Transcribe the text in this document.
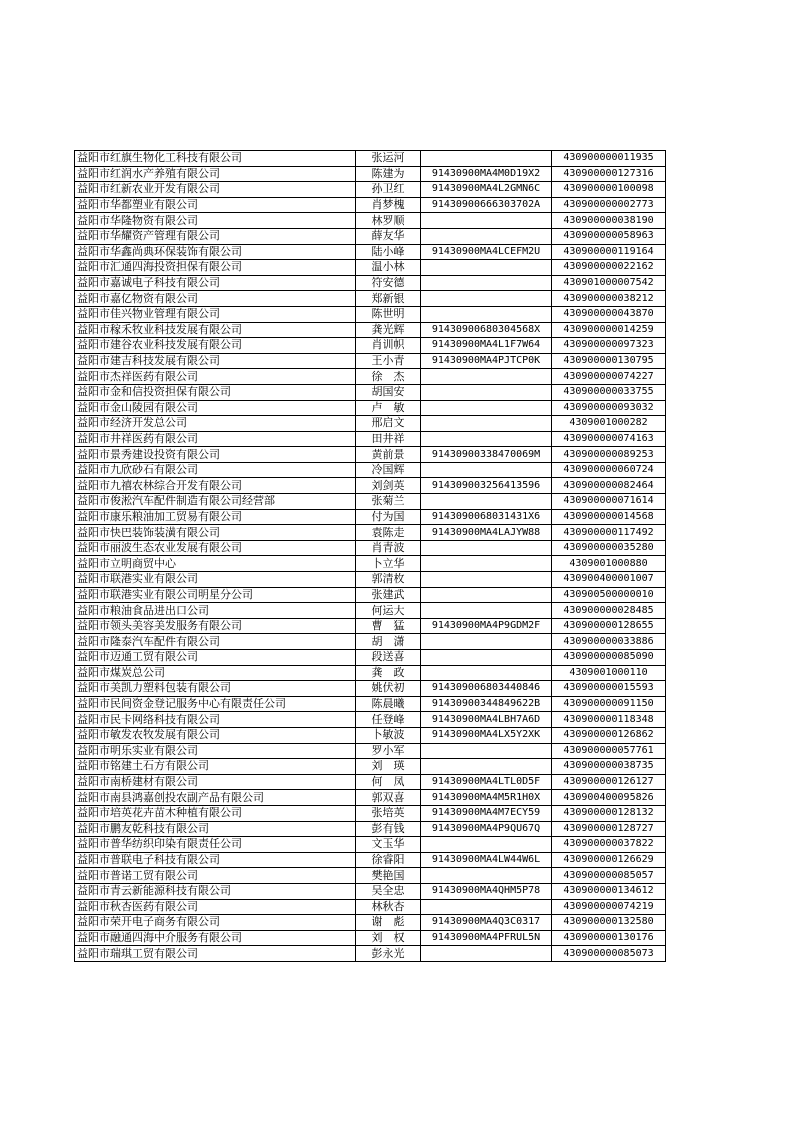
益阳市红旗生物化工科技有限公司	张运河		430900000011935
益阳市红润水产养殖有限公司	陈建为	91430900MA4M0D19X2	430900000127316
益阳市红新农业开发有限公司	孙卫红	91430900MA4L2GMN6C	430900000100098
益阳市华都塑业有限公司	肖梦槐	91430900666303702A	430900000002773
益阳市华隆物资有限公司	林罗顺		430900000038190
益阳市华耀资产管理有限公司	薛友华		430900000058963
益阳市华鑫尚典环保装饰有限公司	陆小峰	91430900MA4LCEFM2U	430900000119164
益阳市汇通四海投资担保有限公司	温小林		430900000022162
益阳市嘉诚电子科技有限公司	符安德		430901000007542
益阳市嘉亿物资有限公司	郑新银		430900000038212
益阳市佳兴物业管理有限公司	陈世明		430900000043870
益阳市稼禾牧业科技发展有限公司	龚光辉	91430900680304568X	430900000014259
益阳市建谷农业科技发展有限公司	肖训帜	91430900MA4L1F7W64	430900000097323
益阳市建吉科技发展有限公司	王小青	91430900MA4PJTCP0K	430900000130795
益阳市杰祥医药有限公司	徐　杰		430900000074227
益阳市金和信投资担保有限公司	胡国安		430900000033755
益阳市金山陵园有限公司	卢　敏		430900000093032
益阳市经济开发总公司	邢启文		4309001000282
益阳市井祥医药有限公司	田井祥		430900000074163
益阳市景秀建设投资有限公司	黄前景	91430900338470069M	430900000089253
益阳市九欣砂石有限公司	冷国辉		430900000060724
益阳市九禧农林综合开发有限公司	刘剑英	914309003256413596	430900000082464
益阳市俊淞汽车配件制造有限公司经营部	张菊兰		430900000071614
益阳市康乐粮油加工贸易有限公司	付为国	9143090068031431X6	430900000014568
益阳市快巴装饰装潢有限公司	袁陈走	91430900MA4LAJYW88	430900000117492
益阳市丽波生态农业发展有限公司	肖青波		430900000035280
益阳市立明商贸中心	卜立华		4309001000880
益阳市联港实业有限公司	郭清枚		430900400001007
益阳市联港实业有限公司明星分公司	张建武		430900500000010
益阳市粮油食品进出口公司	何运大		430900000028485
益阳市领头美容美发服务有限公司	曹　猛	91430900MA4P9GDM2F	430900000128655
益阳市隆泰汽车配件有限公司	胡　潇		430900000033886
益阳市迈通工贸有限公司	段送喜		430900000085090
益阳市煤炭总公司	龚　政		4309001000110
益阳市美凯力塑料包装有限公司	姚伏初	914309006803440846	430900000015593
益阳市民间资金登记服务中心有限责任公司	陈晨曦	91430900344849622B	430900000091150
益阳市民卡网络科技有限公司	任登峰	91430900MA4LBH7A6D	430900000118348
益阳市敏发农牧发展有限公司	卜敏波	91430900MA4LX5Y2XK	430900000126862
益阳市明乐实业有限公司	罗小军		430900000057761
益阳市铭建土石方有限公司	刘　瑛		430900000038735
益阳市南桥建材有限公司	何　凤	91430900MA4LTL0D5F	430900000126127
益阳市南县鸿嘉创投农副产品有限公司	郭双喜	91430900MA4M5R1H0X	430900400095826
益阳市培英花卉苗木种植有限公司	张培英	91430900MA4M7ECY59	430900000128132
益阳市鹏友乾科技有限公司	彭有钱	91430900MA4P9QU67Q	430900000128727
益阳市普华纺织印染有限责任公司	文玉华		430900000037822
益阳市普联电子科技有限公司	徐睿阳	91430900MA4LW44W6L	430900000126629
益阳市普诺工贸有限公司	樊艳国		430900000085057
益阳市青云新能源科技有限公司	吴全忠	91430900MA4QHM5P78	430900000134612
益阳市秋杏医药有限公司	林秋杏		430900000074219
益阳市荣开电子商务有限公司	谢　彪	91430900MA4Q3C0317	430900000132580
益阳市融通四海中介服务有限公司	刘　权	91430900MA4PFRUL5N	430900000130176
益阳市瑞琪工贸有限公司	彭永光		430900000085073
